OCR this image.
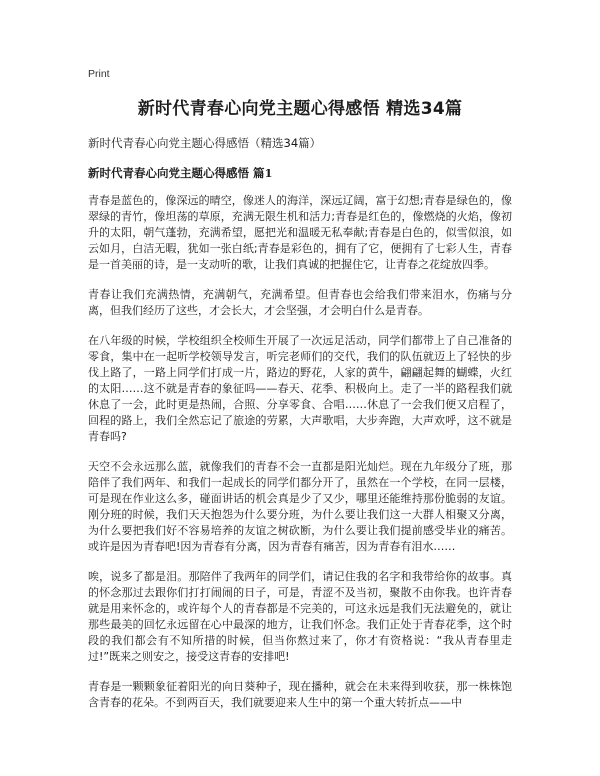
Print
新时代青春心向党主题心得感悟 精选34篇

新时代青春心向党主题心得感悟（精选34篇）

新时代青春心向党主题心得感悟 篇1

青春是蓝色的，像深远的晴空，像迷人的海洋，深远辽阔，富于幻想;青春是绿色的，像翠绿的青竹，像坦荡的草原，充满无限生机和活力;青春是红色的，像燃烧的火焰，像初升的太阳，朝气蓬勃，充满希望，愿把光和温暖无私奉献;青春是白色的，似雪似浪，如云如月，白洁无暇，犹如一张白纸;青春是彩色的，拥有了它，便拥有了七彩人生，青春是一首美丽的诗，是一支动听的歌，让我们真诚的把握住它，让青春之花绽放四季。

青春让我们充满热情，充满朝气，充满希望。但青春也会给我们带来泪水，伤痛与分离，但我们经历了这些，才会长大，才会坚强，才会明白什么是青春。

在八年级的时候，学校组织全校师生开展了一次远足活动，同学们都带上了自己准备的零食，集中在一起听学校领导发言，听完老师们的交代，我们的队伍就迈上了轻快的步伐上路了，一路上同学们打成一片，路边的野花，人家的黄牛，翩翩起舞的蝴蝶，火红的太阳……这不就是青春的象征吗——春天、花季、积极向上。走了一半的路程我们就休息了一会，此时更是热闹，合照、分享零食、合唱……休息了一会我们便又启程了，回程的路上，我们全然忘记了旅途的劳累，大声歌唱，大步奔跑，大声欢呼，这不就是青春吗?

天空不会永远那么蓝，就像我们的青春不会一直都是阳光灿烂。现在九年级分了班，那陪伴了我们两年、和我们一起成长的同学们都分开了，虽然在一个学校，在同一层楼，可是现在作业这么多，碰面讲话的机会真是少了又少，哪里还能维持那份脆弱的友谊。刚分班的时候，我们天天抱怨为什么要分班，为什么要让我们这一大群人相聚又分离，为什么要把我们好不容易培养的友谊之树砍断，为什么要让我们提前感受毕业的痛苦。或许是因为青春吧!因为青春有分离，因为青春有痛苦，因为青春有泪水……

唉，说多了都是泪。那陪伴了我两年的同学们，请记住我的名字和我带给你的故事。真的怀念那过去跟你们打打闹闹的日子，可是，青涩不及当初，聚散不由你我。也许青春就是用来怀念的，或许每个人的青春都是不完美的，可这永远是我们无法避免的，就让那些最美的回忆永远留在心中最深的地方，让我们怀念。我们正处于青春花季，这个时段的我们都会有不知所措的时候，但当你熬过来了，你才有资格说：“我从青春里走过!”既来之则安之，接受这青春的安排吧!

青春是一颗颗象征着阳光的向日葵种子，现在播种，就会在未来得到收获，那一株株饱含青春的花朵。不到两百天，我们就要迎来人生中的第一个重大转折点——中
